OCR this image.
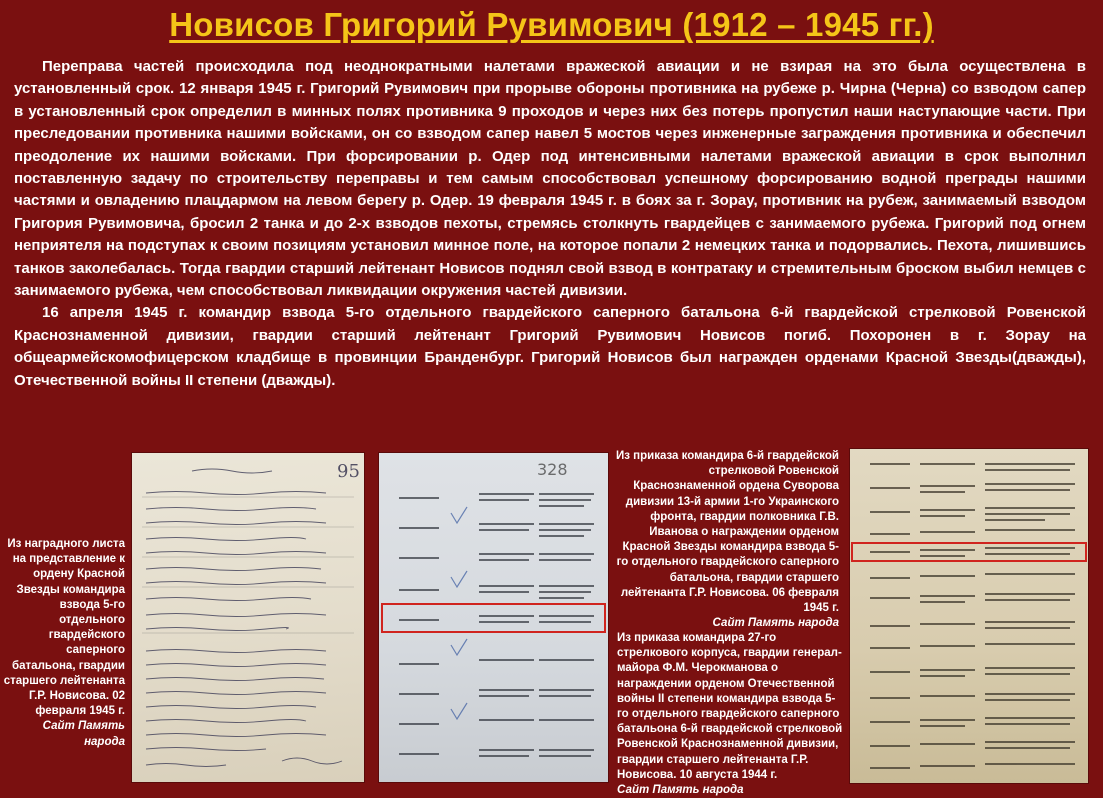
Новисов Григорий Рувимович (1912 – 1945 гг.)

Переправа частей происходила под неоднократными налетами вражеской авиации и не взирая на это была осуществлена в установленный срок. 12 января 1945 г. Григорий Рувимович при прорыве обороны противника на рубеже р. Чирна (Черна) со взводом сапер в установленный срок определил в минных полях противника 9 проходов и через них без потерь пропустил наши наступающие части. При преследовании противника нашими войсками, он со взводом сапер навел 5 мостов через инженерные заграждения противника и обеспечил преодоление их нашими войсками. При форсировании р. Одер под интенсивными налетами вражеской авиации в срок выполнил поставленную задачу по строительству переправы и тем самым способствовал успешному форсированию водной преграды нашими частями и овладению плацдармом на левом берегу р. Одер. 19 февраля 1945 г. в боях за г. Зорау, противник на рубеж, занимаемый взводом Григория Рувимовича, бросил 2 танка и до 2-х взводов пехоты, стремясь столкнуть гвардейцев с занимаемого рубежа. Григорий под огнем неприятеля на подступах к своим позициям установил минное поле, на которое попали 2 немецких танка и подорвались. Пехота, лишившись танков заколебалась. Тогда гвардии старший лейтенант Новисов поднял свой взвод в контратаку и стремительным броском выбил немцев с занимаемого рубежа, чем способствовал ликвидации окружения частей дивизии.

16 апреля 1945 г. командир взвода 5-го отдельного гвардейского саперного батальона 6-й гвардейской стрелковой Ровенской Краснознаменной дивизии, гвардии старший лейтенант Григорий Рувимович Новисов погиб. Похоронен в г. Зорау на общеармейскомофицерском кладбище в провинции Бранденбург. Григорий Новисов был награжден орденами Красной Звезды(дважды), Отечественной войны II степени (дважды).

Из наградного листа на представление к ордену Красной Звезды командира взвода 5-го отдельного гвардейского саперного батальона, гвардии старшего лейтенанта Г.Р. Новисова. 02 февраля 1945 г.
Сайт Память народа
95	328
Из приказа командира 6-й гвардейской стрелковой Ровенской Краснознаменной ордена Суворова дивизии 13-й армии 1-го Украинского фронта, гвардии полковника Г.В. Иванова о награждении орденом Красной Звезды командира взвода 5-го отдельного гвардейского саперного батальона, гвардии старшего лейтенанта Г.Р. Новисова. 06 февраля 1945 г.
Сайт Память народа
Из приказа командира 27-го стрелкового корпуса, гвардии генерал-майора Ф.М. Черокманова о награждении орденом Отечественной войны II степени командира взвода 5-го отдельного гвардейского саперного батальона 6-й гвардейской стрелковой Ровенской Краснознаменной дивизии, гвардии старшего лейтенанта Г.Р. Новисова. 10 августа 1944 г.
Сайт Память народа
